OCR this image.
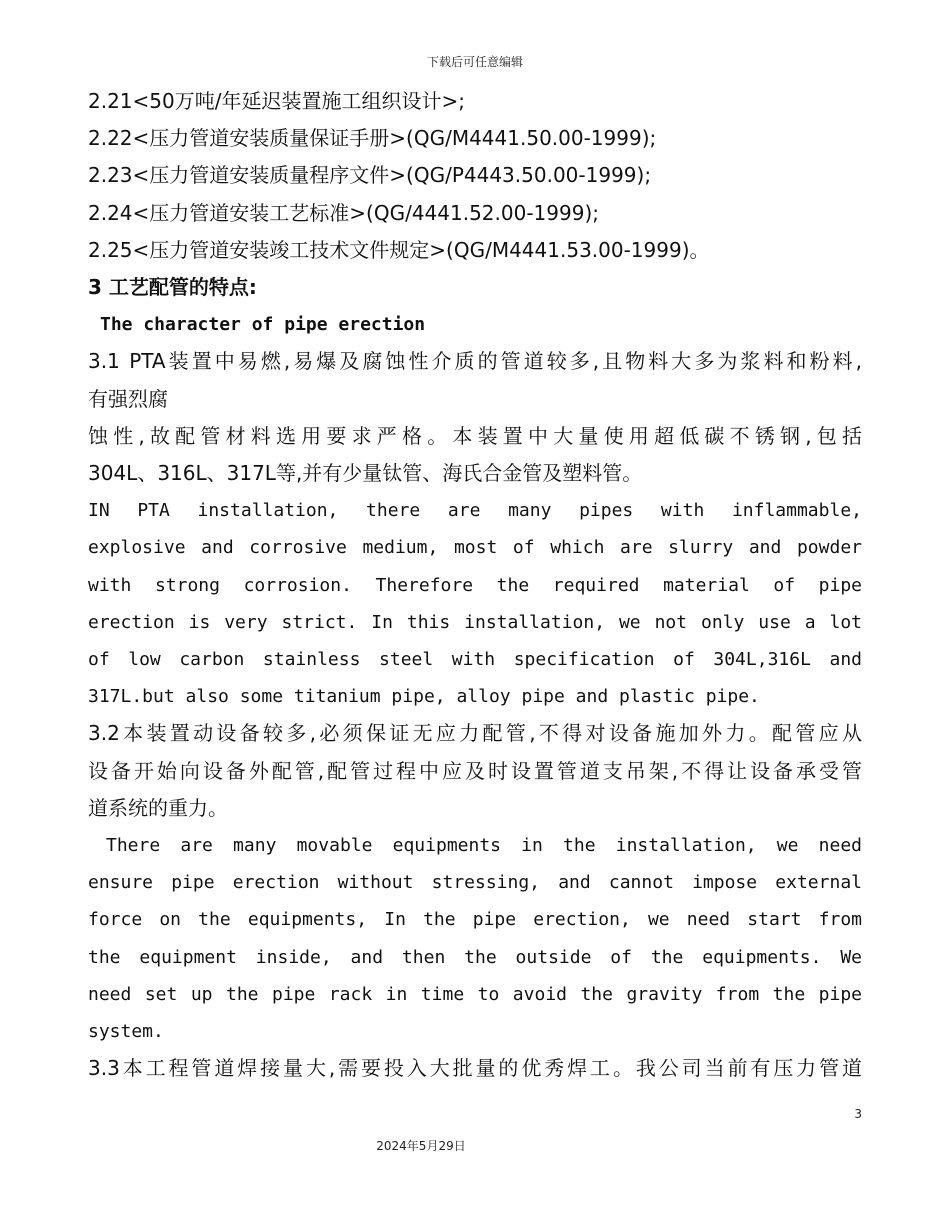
下载后可任意编辑
2.21<50万吨/年延迟装置施工组织设计>;
2.22<压力管道安装质量保证手册>(QG/M4441.50.00-1999);
2.23<压力管道安装质量程序文件>(QG/P4443.50.00-1999);
2.24<压力管道安装工艺标准>(QG/4441.52.00-1999);
2.25<压力管道安装竣工技术文件规定>(QG/M4441.53.00-1999)。
3 工艺配管的特点:
The character of pipe erection
3.1 PTA装置中易燃,易爆及腐蚀性介质的管道较多,且物料大多为浆料和粉料,
有强烈腐
蚀性,故配管材料选用要求严格。本装置中大量使用超低碳不锈钢,包括
304L、316L、317L等,并有少量钛管、海氏合金管及塑料管。
IN PTA installation, there are many pipes with inflammable,
explosive and corrosive medium, most of which are slurry and powder
with strong corrosion. Therefore the required material of pipe
erection is very strict. In this installation, we not only use a lot
of low carbon stainless steel with specification of 304L,316L and
317L.but also some titanium pipe, alloy pipe and plastic pipe.
3.2本装置动设备较多,必须保证无应力配管,不得对设备施加外力。配管应从
设备开始向设备外配管,配管过程中应及时设置管道支吊架,不得让设备承受管
道系统的重力。
There are many movable equipments in the installation, we need
ensure pipe erection without stressing, and cannot impose external
force on the equipments, In the pipe erection, we need start from
the equipment inside, and then the outside of the equipments. We
need set up the pipe rack in time to avoid the gravity from the pipe
system.
3.3本工程管道焊接量大,需要投入大批量的优秀焊工。我公司当前有压力管道
3
2024年5月29日
